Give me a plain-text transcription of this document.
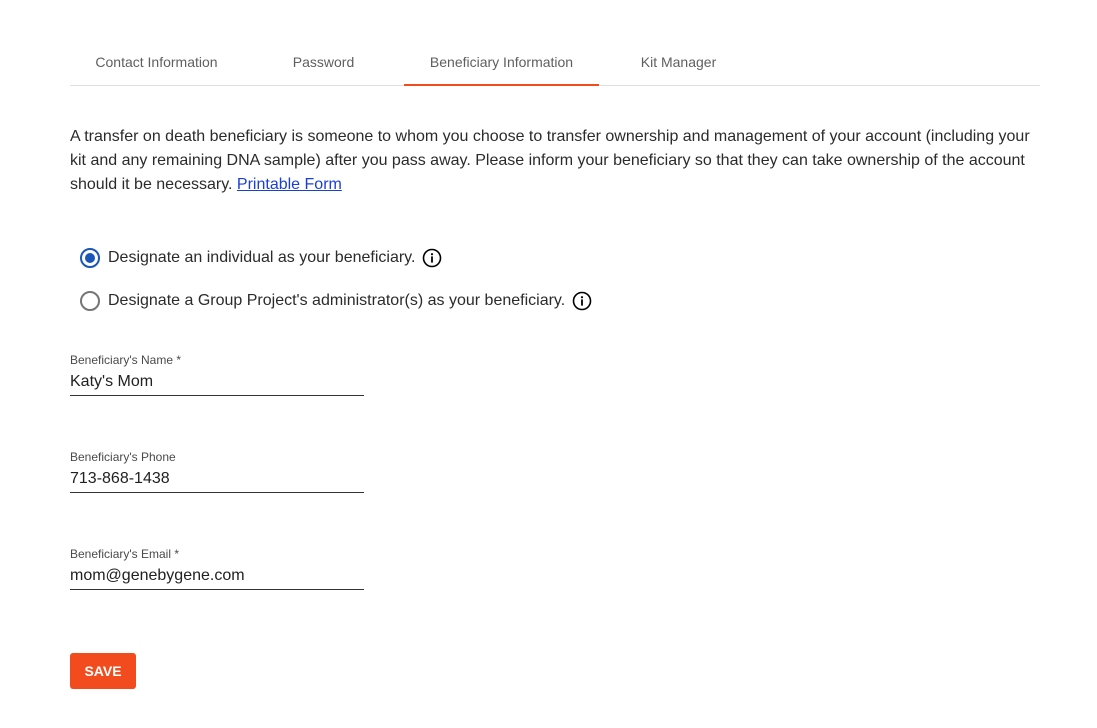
Contact Information	Password	Beneficiary Information	Kit Manager

A transfer on death beneficiary is someone to whom you choose to transfer ownership and management of your account (including your kit and any remaining DNA sample) after you pass away. Please inform your beneficiary so that they can take ownership of the account should it be necessary. Printable Form

Designate an individual as your beneficiary.
Designate a Group Project's administrator(s) as your beneficiary.
Beneficiary's Name *
Katy's Mom
Beneficiary's Phone
713-868-1438
Beneficiary's Email *
mom@genebygene.com
SAVE
